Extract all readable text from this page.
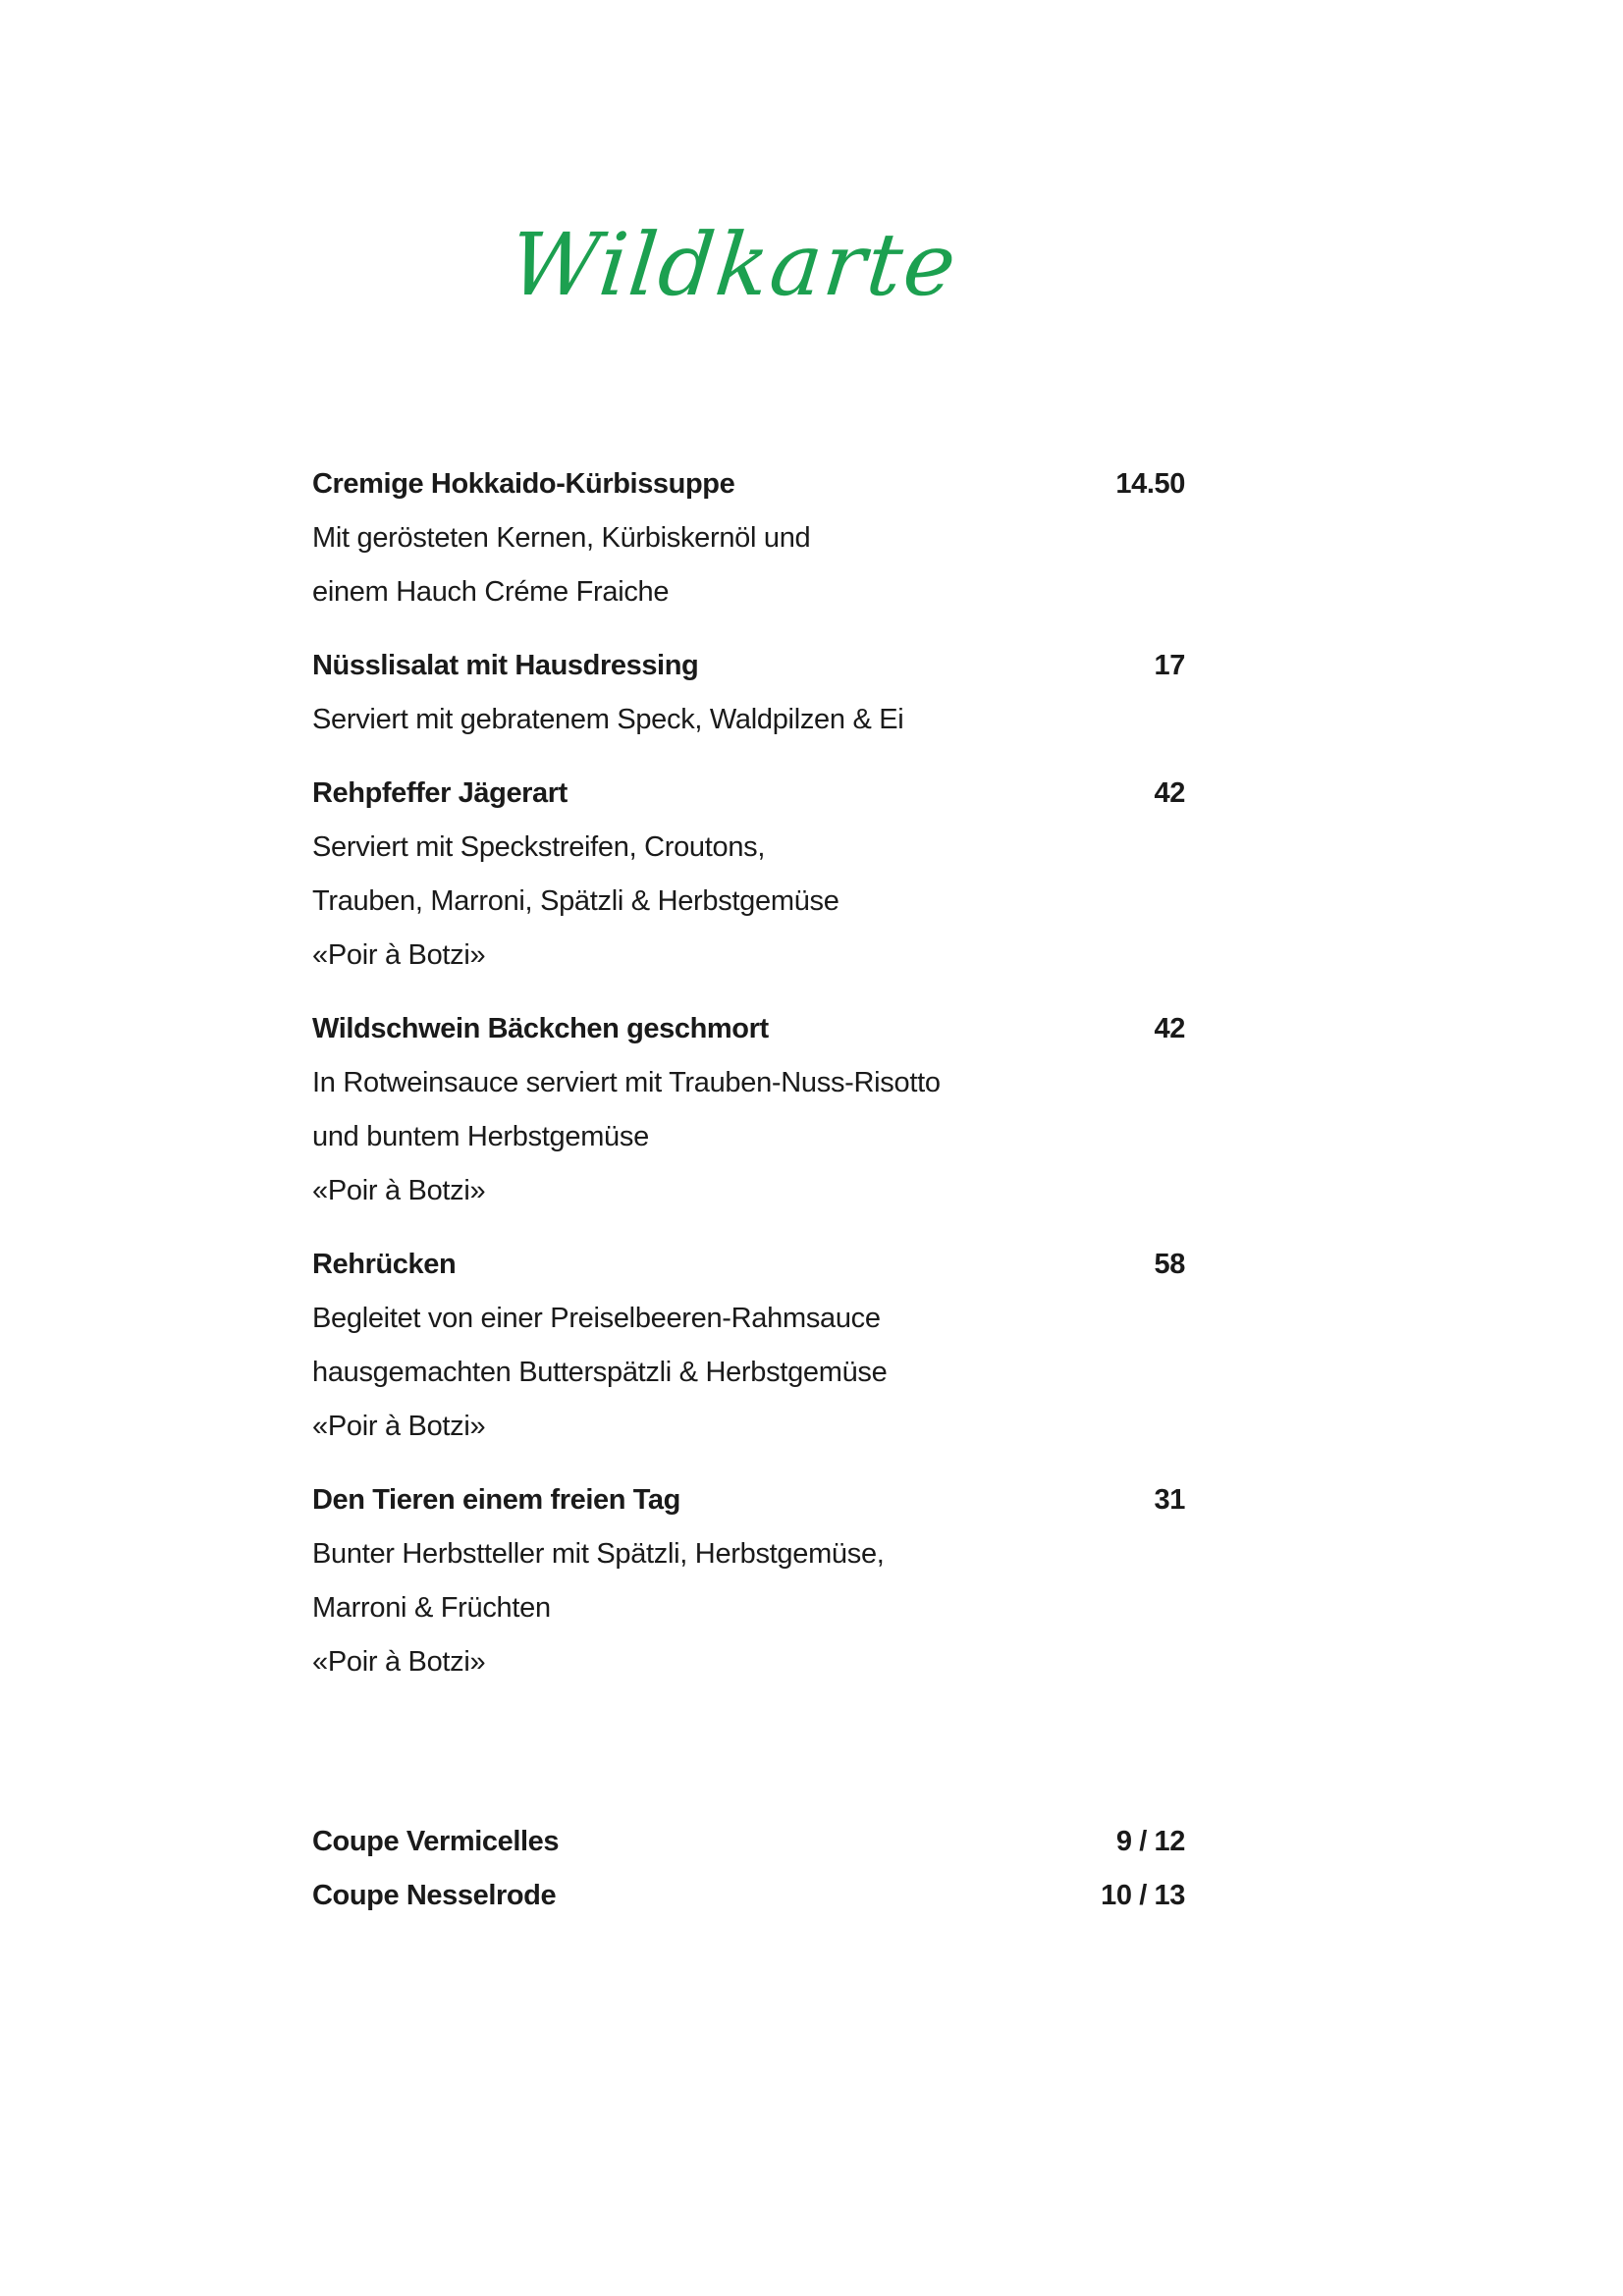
Wildkarte
Cremige Hokkaido-Kürbissuppe	14.50
Mit gerösteten Kernen, Kürbiskernöl und
einem Hauch Créme Fraiche
Nüsslisalat mit Hausdressing	17
Serviert mit gebratenem Speck, Waldpilzen & Ei
Rehpfeffer Jägerart	42
Serviert mit Speckstreifen, Croutons,
Trauben, Marroni, Spätzli & Herbstgemüse
«Poir à Botzi»
Wildschwein Bäckchen geschmort	42
In Rotweinsauce serviert mit Trauben-Nuss-Risotto
und buntem Herbstgemüse
«Poir à Botzi»
Rehrücken	58
Begleitet von einer Preiselbeeren-Rahmsauce
hausgemachten Butterspätzli & Herbstgemüse
«Poir à Botzi»
Den Tieren einem freien Tag	31
Bunter Herbstteller mit Spätzli, Herbstgemüse,
Marroni & Früchten
«Poir à Botzi»
Coupe Vermicelles	9 / 12
Coupe Nesselrode	10 / 13
